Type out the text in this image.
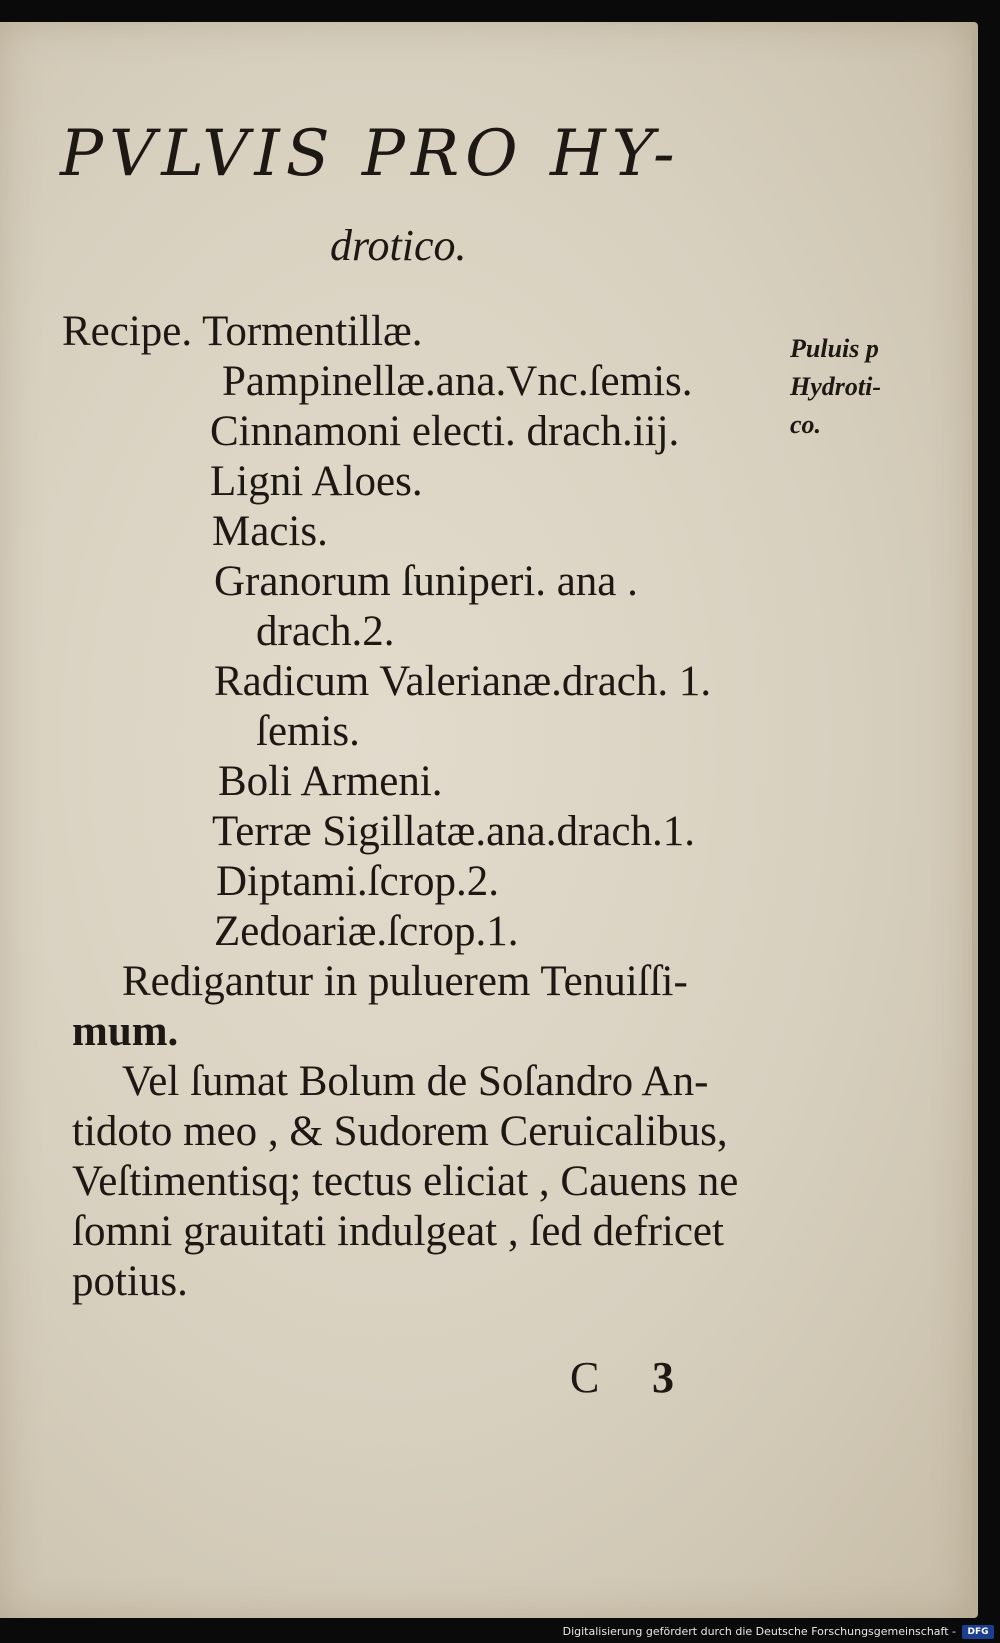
PVLVIS PRO HY-
drotico.
Puluis p
Hydroti-
co.
Recipe. Tormentillæ.
Pampinellæ.ana.Vnc.ſemis.
Cinnamoni electi. drach.iij.
Ligni Aloes.
Macis.
Granorum ſuniperi. ana .
drach.2.
Radicum Valerianæ.drach. 1.
ſemis.
Boli Armeni.
Terræ Sigillatæ.ana.drach.1.
Diptami.ſcrop.2.
Zedoariæ.ſcrop.1.
Redigantur in puluerem Tenuiſſi-
mum.
Vel ſumat Bolum de Soſandro An-
tidoto meo , & Sudorem Ceruicalibus,
Veſtimentisq; tectus eliciat , Cauens ne
ſomni grauitati indulgeat , ſed defricet
potius.
C 3
Digitalisierung gefördert durch die Deutsche Forschungsgemeinschaft -	DFG
